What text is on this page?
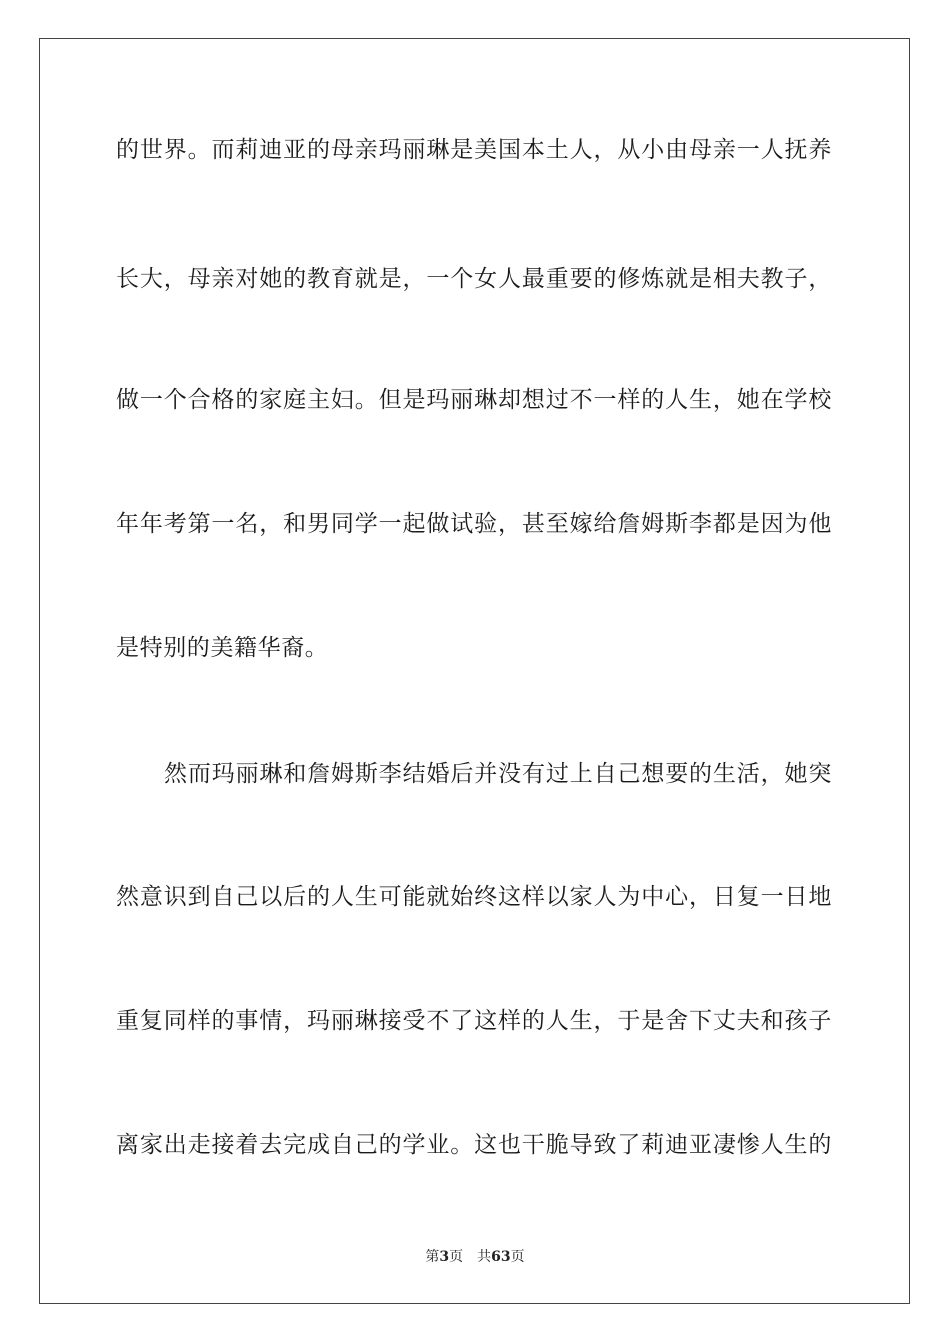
的世界。而莉迪亚的母亲玛丽琳是美国本土人，从小由母亲一人抚养
长大，母亲对她的教育就是，一个女人最重要的修炼就是相夫教子，
做一个合格的家庭主妇。但是玛丽琳却想过不一样的人生，她在学校
年年考第一名，和男同学一起做试验，甚至嫁给詹姆斯李都是因为他
是特别的美籍华裔。
然而玛丽琳和詹姆斯李结婚后并没有过上自己想要的生活，她突
然意识到自己以后的人生可能就始终这样以家人为中心，日复一日地
重复同样的事情，玛丽琳接受不了这样的人生，于是舍下丈夫和孩子
离家出走接着去完成自己的学业。这也干脆导致了莉迪亚凄惨人生的
第3页 共63页
